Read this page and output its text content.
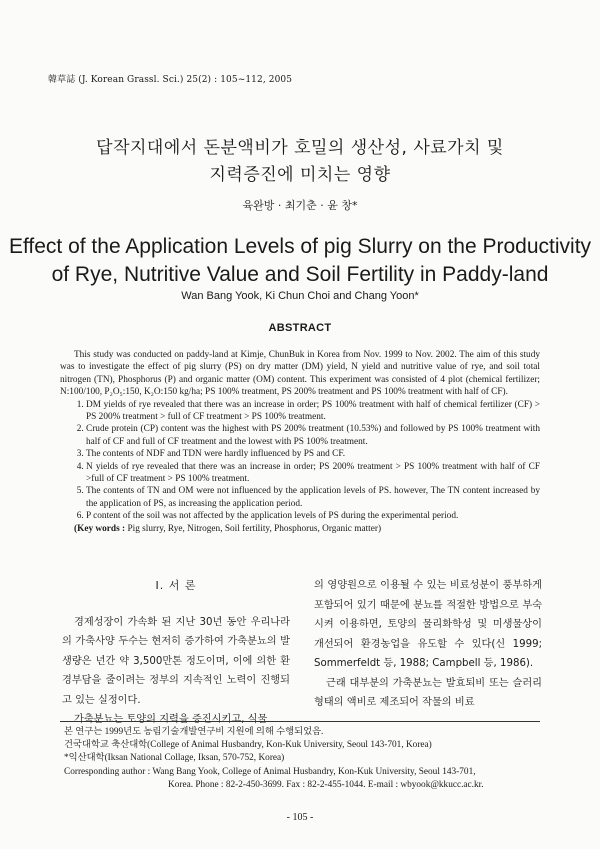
韓草誌 (J. Korean Grassl. Sci.) 25(2) : 105~112, 2005
답작지대에서 돈분액비가 호밀의 생산성, 사료가치 및
지력증진에 미치는 영향
육완방 · 최기춘 · 윤 창*
Effect of the Application Levels of pig Slurry on the Productivity
of Rye, Nutritive Value and Soil Fertility in Paddy-land
Wan Bang Yook, Ki Chun Choi and Chang Yoon*
ABSTRACT

This study was conducted on paddy-land at Kimje, ChunBuk in Korea from Nov. 1999 to Nov. 2002. The aim of this study was to investigate the effect of pig slurry (PS) on dry matter (DM) yield, N yield and nutritive value of rye, and soil total nitrogen (TN), Phosphorus (P) and organic matter (OM) content. This experiment was consisted of 4 plot (chemical fertilizer; N:100/100, P₂O₅:150, K₂O:150 kg/ha; PS 100% treatment, PS 200% treatment and PS 100% treatment with half of CF).

1. DM yields of rye revealed that there was an increase in order; PS 100% treatment with half of chemical fertilizer (CF) > PS 200% treatment > full of CF treatment > PS 100% treatment.
2. Crude protein (CP) content was the highest with PS 200% treatment (10.53%) and followed by PS 100% treatment with half of CF and full of CF treatment and the lowest with PS 100% treatment.
3. The contents of NDF and TDN were hardly influenced by PS and CF.
4. N yields of rye revealed that there was an increase in order; PS 200% treatment > PS 100% treatment with half of CF >full of CF treatment > PS 100% treatment.
5. The contents of TN and OM were not influenced by the application levels of PS. however, The TN content increased by the application of PS, as increasing the application period.
6. P content of the soil was not affected by the application levels of PS during the experimental period.

(Key words : Pig slurry, Rye, Nitrogen, Soil fertility, Phosphorus, Organic matter)

Ⅰ. 서 론

경제성장이 가속화 된 지난 30년 동안 우리나라의 가축사양 두수는 현저히 증가하여 가축분뇨의 발생량은 년간 약 3,500만톤 정도이며, 이에 의한 환경부담을 줄이려는 정부의 지속적인 노력이 진행되고 있는 실정이다.

가축분뇨는 토양의 지력을 증진시키고, 식물

의 영양원으로 이용될 수 있는 비료성분이 풍부하게 포함되어 있기 때문에 분뇨를 적절한 방법으로 부숙시켜 이용하면, 토양의 물리화학성 및 미생물상이 개선되어 환경농업을 유도할 수 있다(신 1999; Sommerfeldt 등, 1988; Campbell 등, 1986).

근래 대부분의 가축분뇨는 발효퇴비 또는 슬러리 형태의 액비로 제조되어 작물의 비료

본 연구는 1999년도 농림기술개발연구비 지원에 의해 수행되었음.
건국대학교 축산대학(College of Animal Husbandry, Kon-Kuk University, Seoul 143-701, Korea)
*익산대학(Iksan National Collage, Iksan, 570-752, Korea)
Corresponding author : Wang Bang Yook, College of Animal Husbandry, Kon-Kuk University, Seoul 143-701,
Korea. Phone : 82-2-450-3699. Fax : 82-2-455-1044. E-mail : wbyook@kkucc.ac.kr.
- 105 -
